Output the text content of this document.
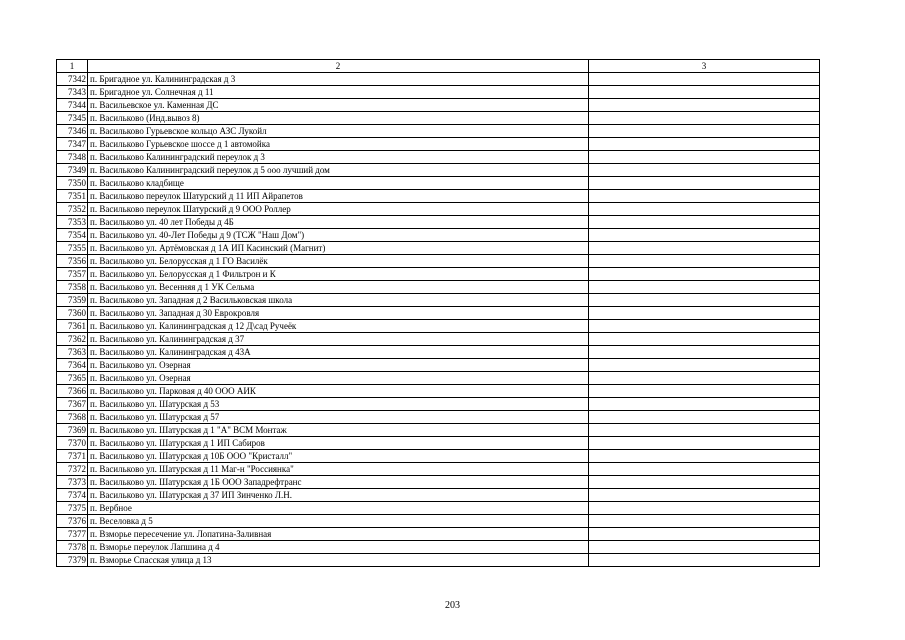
1	2	3
7342	п. Бригадное ул. Калининградская д 3	
7343	п. Бригадное ул. Солнечная д 11	
7344	п. Васильевское ул. Каменная ДС	
7345	п. Васильково (Инд.вывоз 8)	
7346	п. Васильково Гурьевское кольцо АЗС Лукойл	
7347	п. Васильково Гурьевское шоссе д 1 автомойка	
7348	п. Васильково Калининградский переулок д 3	
7349	п. Васильково Калининградский переулок д 5 ооо лучший дом	
7350	п. Васильково кладбище	
7351	п. Васильково переулок Шатурский д 11 ИП Айрапетов	
7352	п. Васильково переулок Шатурский д 9 ООО Роллер	
7353	п. Васильково ул. 40 лет Победы д 4Б	
7354	п. Васильково ул. 40-Лет Победы д 9 (ТСЖ "Наш Дом")	
7355	п. Васильково ул. Артёмовская д 1А ИП Касинский (Магнит)	
7356	п. Васильково ул. Белорусская д 1 ГО Василёк	
7357	п. Васильково ул. Белорусская д 1 Фильтрон и К	
7358	п. Васильково ул. Весенняя д 1 УК Сельма	
7359	п. Васильково ул. Западная д 2 Васильковская школа	
7360	п. Васильково ул. Западная д 30 Еврокровля	
7361	п. Васильково ул. Калининградская д 12 Д\сад Ручеёк	
7362	п. Васильково ул. Калининградская д 37	
7363	п. Васильково ул. Калининградская д 43А	
7364	п. Васильково ул. Озерная	
7365	п. Васильково ул. Озерная	
7366	п. Васильково ул. Парковая д 40 ООО АИК	
7367	п. Васильково ул. Шатурская д 53	
7368	п. Васильково ул. Шатурская д 57	
7369	п. Васильково ул. Шатурская д 1 "А" ВСМ Монтаж	
7370	п. Васильково ул. Шатурская д 1 ИП Сабиров	
7371	п. Васильково ул. Шатурская д 10Б ООО "Кристалл"	
7372	п. Васильково ул. Шатурская д 11 Маг-н "Россиянка"	
7373	п. Васильково ул. Шатурская д 1Б ООО Западрефтранс	
7374	п. Васильково ул. Шатурская д 37 ИП Зинченко Л.Н.	
7375	п. Вербное	
7376	п. Веселовка д 5	
7377	п. Взморье пересечение ул. Лопатина-Заливная	
7378	п. Взморье переулок Лапшина д 4	
7379	п. Взморье Спасская улица д 13	
203
